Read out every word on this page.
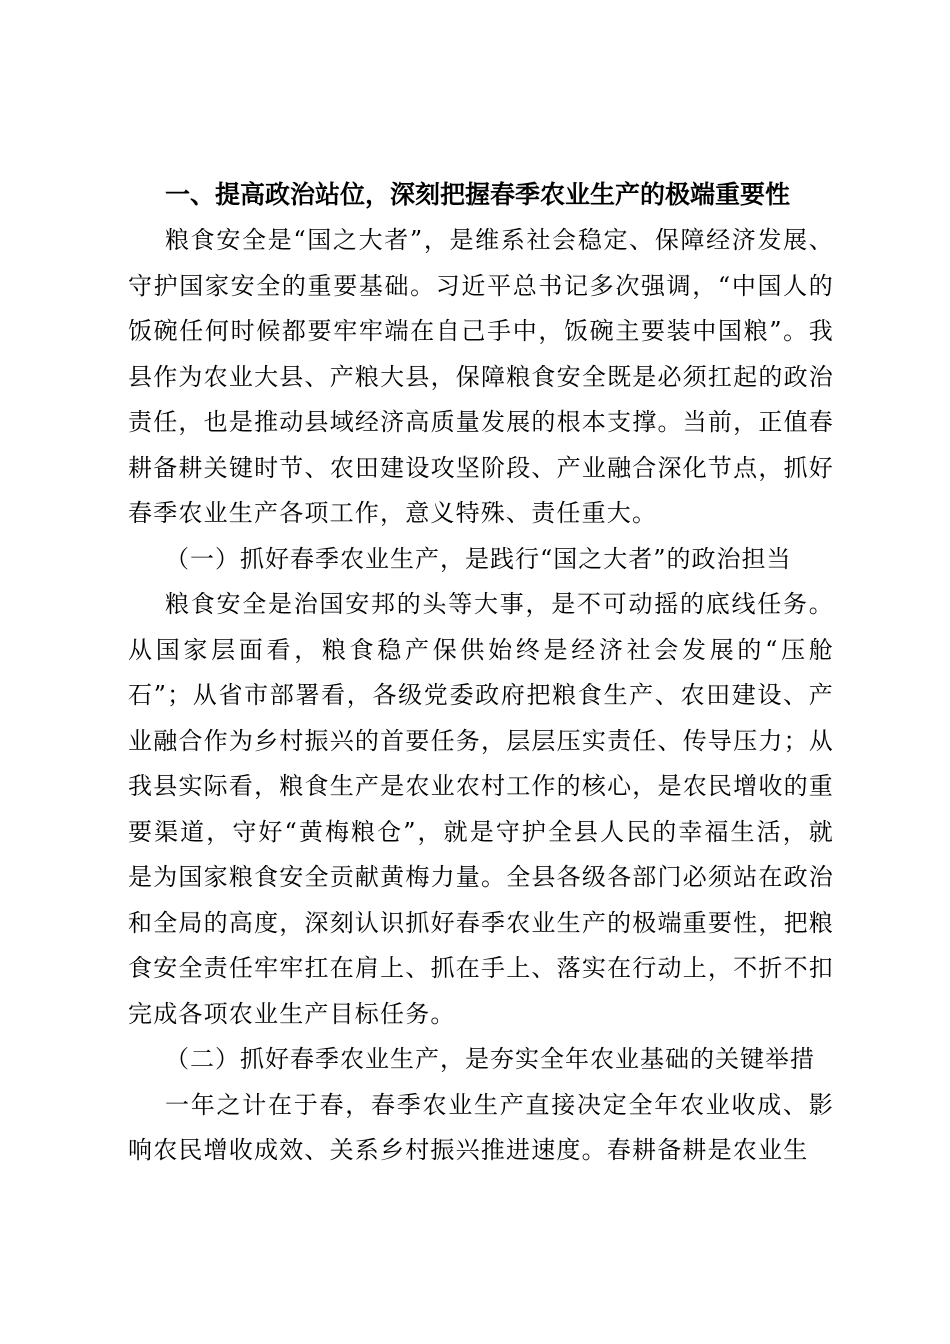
一、提高政治站位，深刻把握春季农业生产的极端重要性

粮食安全是“国之大者”，是维系社会稳定、保障经济发展、守护国家安全的重要基础。习近平总书记多次强调，“中国人的饭碗任何时候都要牢牢端在自己手中，饭碗主要装中国粮”。我县作为农业大县、产粮大县，保障粮食安全既是必须扛起的政治责任，也是推动县域经济高质量发展的根本支撑。当前，正值春耕备耕关键时节、农田建设攻坚阶段、产业融合深化节点，抓好春季农业生产各项工作，意义特殊、责任重大。

（一）抓好春季农业生产，是践行“国之大者”的政治担当

粮食安全是治国安邦的头等大事，是不可动摇的底线任务。从国家层面看，粮食稳产保供始终是经济社会发展的“压舱石”；从省市部署看，各级党委政府把粮食生产、农田建设、产业融合作为乡村振兴的首要任务，层层压实责任、传导压力；从我县实际看，粮食生产是农业农村工作的核心，是农民增收的重要渠道，守好“黄梅粮仓”，就是守护全县人民的幸福生活，就是为国家粮食安全贡献黄梅力量。全县各级各部门必须站在政治和全局的高度，深刻认识抓好春季农业生产的极端重要性，把粮食安全责任牢牢扛在肩上、抓在手上、落实在行动上，不折不扣完成各项农业生产目标任务。

（二）抓好春季农业生产，是夯实全年农业基础的关键举措

一年之计在于春，春季农业生产直接决定全年农业收成、影响农民增收成效、关系乡村振兴推进速度。春耕备耕是农业生
